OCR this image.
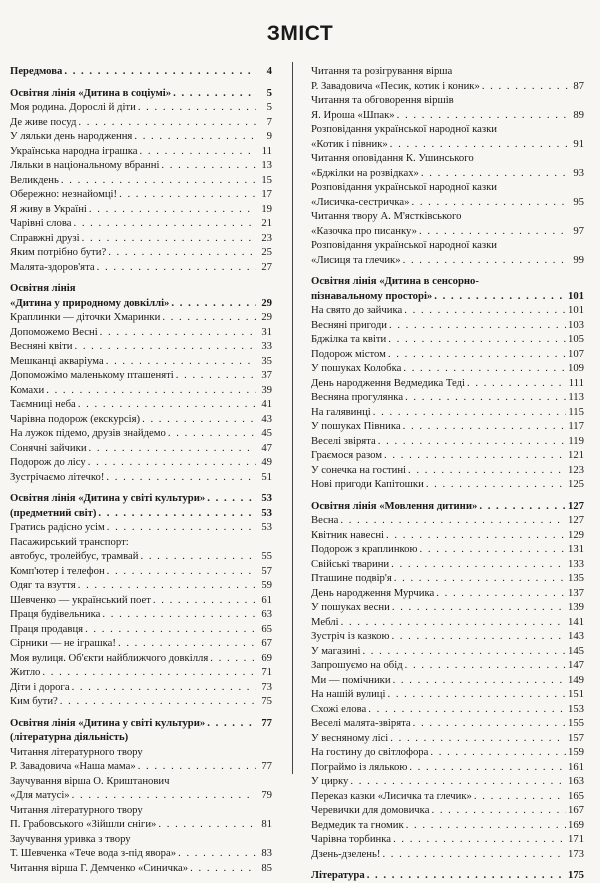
ЗМІСТ
Передмова . . .	4
Освітня лінія «Дитина в соціумі» . . .	5
Моя родина. Дорослі й діти . . .	5
Де живе посуд . . .	7
У ляльки день народження . . .	9
Українська народна іграшка . . .	11
Ляльки в національному вбранні . . .	13
Великдень . . .	15
Обережно: незнайомці! . . .	17
Я живу в Україні . . .	19
Чарівні слова . . .	21
Справжні друзі . . .	23
Яким потрібно бути? . . .	25
Малята-здоров'ята . . .	27
Освітня лінія
«Дитина у природному довкіллі» . . .	29
Краплинки — діточки Хмаринки . . .	29
Допоможемо Весні . . .	31
Весняні квіти . . .	33
Мешканці акваріума . . .	35
Допоможімо маленькому пташеняті . . .	37
Комахи . . .	39
Таємниці неба . . .	41
Чарівна подорож (екскурсія) . . .	43
На лужок підемо, друзів знайдемо . . .	45
Сонячні зайчики . . .	47
Подорож до лісу . . .	49
Зустрічаємо літечко! . . .	51
Освітня лінія «Дитина у світі культури» . . .	53
(предметний світ) . . .	53
Гратись радісно усім . . .	53
Пасажирський транспорт:
автобус, тролейбус, трамвай . . .	55
Комп'ютер і телефон . . .	57
Одяг та взуття . . .	59
Шевченко — український поет . . .	61
Праця будівельника . . .	63
Праця продавця . . .	65
Сірники — не іграшка! . . .	67
Моя вулиця. Об'єкти найближчого довкілля . . .	69
Житло . . .	71
Діти і дорога . . .	73
Ким бути? . . .	75
Освітня лінія «Дитина у світі культури» . . .	77
(літературна діяльність)
Читання літературного твору
Р. Завадовича «Наша мама» . . .	77
Заучування вірша О. Криштанович
«Для матусі» . . .	79
Читання літературного твору
П. Грабовського «Зійшли сніги» . . .	81
Заучування уривка з твору
Т. Шевченка «Тече вода з-під явора» . . .	83
Читання вірша Г. Демченко «Синичка» . . .	85
Читання та розігрування вірша
Р. Завадовича «Песик, котик і коник» . . .	87
Читання та обговорення віршів
Я. Ироша «Шпак» . . .	89
Розповідання української народної казки
«Котик і півник» . . .	91
Читання оповідання К. Ушинського
«Бджілки на розвідках» . . .	93
Розповідання української народної казки
«Лисичка-сестричка» . . .	95
Читання твору А. М'ястківського
«Казочка про писанку» . . .	97
Розповідання української народної казки
«Лисиця та глечик» . . .	99
Освітня лінія «Дитина в сенсорно-
пізнавальному просторі» . . .	101
На свято до зайчика . . .	101
Весняні пригоди . . .	103
Бджілка та квіти . . .	105
Подорож містом . . .	107
У пошуках Колобка . . .	109
День народження Ведмедика Теді . . .	111
Весняна прогулянка . . .	113
На галявинці . . .	115
У пошуках Півника . . .	117
Веселі звірята . . .	119
Граємося разом . . .	121
У сонечка на гостині . . .	123
Нові пригоди Капітошки . . .	125
Освітня лінія «Мовлення дитини» . . .	127
Весна . . .	127
Квітник навесні . . .	129
Подорож з краплинкою . . .	131
Свійські тварини . . .	133
Пташине подвір'я . . .	135
День народження Мурчика . . .	137
У пошуках весни . . .	139
Меблі . . .	141
Зустріч із казкою . . .	143
У магазині . . .	145
Запрошуємо на обід . . .	147
Ми — помічники . . .	149
На нашій вулиці . . .	151
Схожі елова . . .	153
Веселі малята-звірята . . .	155
У весняному лісі . . .	157
На гостину до світлофора . . .	159
Пограймо із лялькою . . .	161
У цирку . . .	163
Переказ казки «Лисичка та глечик» . . .	165
Черевички для домовичка . . .	167
Ведмедик та гномик . . .	169
Чарівна торбинка . . .	171
Дзень-дзелень! . . .	173
Література . . .	175
